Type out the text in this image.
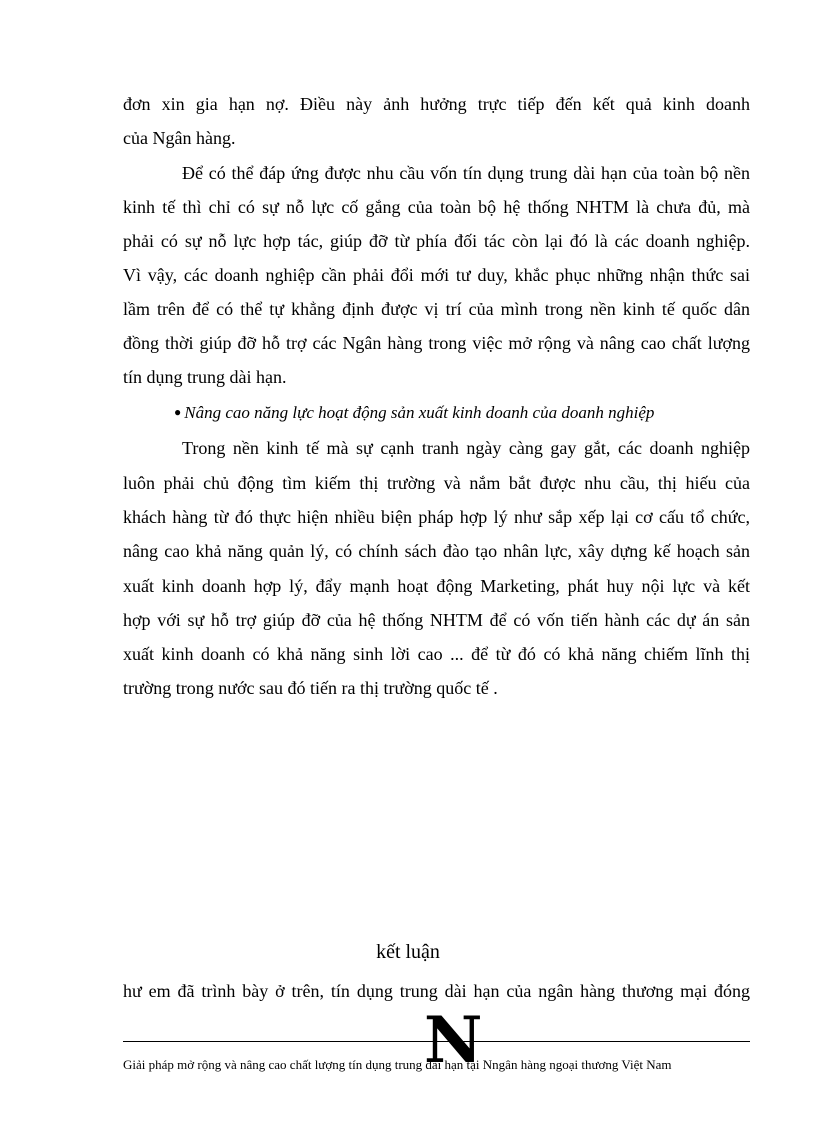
đơn xin gia hạn nợ. Điều này ảnh hưởng trực tiếp đến kết quả kinh doanh
của Ngân hàng.
Để có thể đáp ứng được nhu cầu vốn tín dụng trung dài hạn của toàn bộ nền
kinh tế thì chỉ có sự nỗ lực cố gắng của toàn bộ hệ thống NHTM là chưa đủ, mà
phải có sự nỗ lực hợp tác, giúp đỡ từ phía đối tác còn lại đó là các doanh nghiệp.
Vì vậy, các doanh nghiệp cần phải đổi mới tư duy, khắc phục những nhận thức sai
lầm trên để có thể tự khẳng định được vị trí của mình trong nền kinh tế quốc dân
đồng thời giúp đỡ hỗ trợ các Ngân hàng trong việc mở rộng và nâng cao chất lượng
tín dụng trung dài hạn.
● Nâng cao năng lực hoạt động sản xuất kinh doanh của doanh nghiệp
Trong nền kinh tế mà sự cạnh tranh ngày càng gay gắt, các doanh nghiệp
luôn phải chủ động tìm kiếm thị trường và nắm bắt được nhu cầu, thị hiếu của
khách hàng từ đó thực hiện nhiều biện pháp hợp lý như sắp xếp lại cơ cấu tổ chức,
nâng cao khả năng quản lý, có chính sách đào tạo nhân lực, xây dựng kế hoạch sản
xuất kinh doanh hợp lý, đẩy mạnh hoạt động Marketing, phát huy nội lực và kết
hợp với sự hỗ trợ giúp đỡ của hệ thống NHTM để có vốn tiến hành các dự án sản
xuất kinh doanh có khả năng sinh lời cao ... để từ đó có khả năng chiếm lĩnh thị
trường trong nước sau đó tiến ra thị trường quốc tế .
kết luận
hư em đã trình bày ở trên, tín dụng trung dài hạn của ngân hàng thương mại đóng
N
Giải pháp mở rộng và nâng cao chất lượng tín dụng trung dài hạn tại Nngân hàng ngoại thương Việt Nam
